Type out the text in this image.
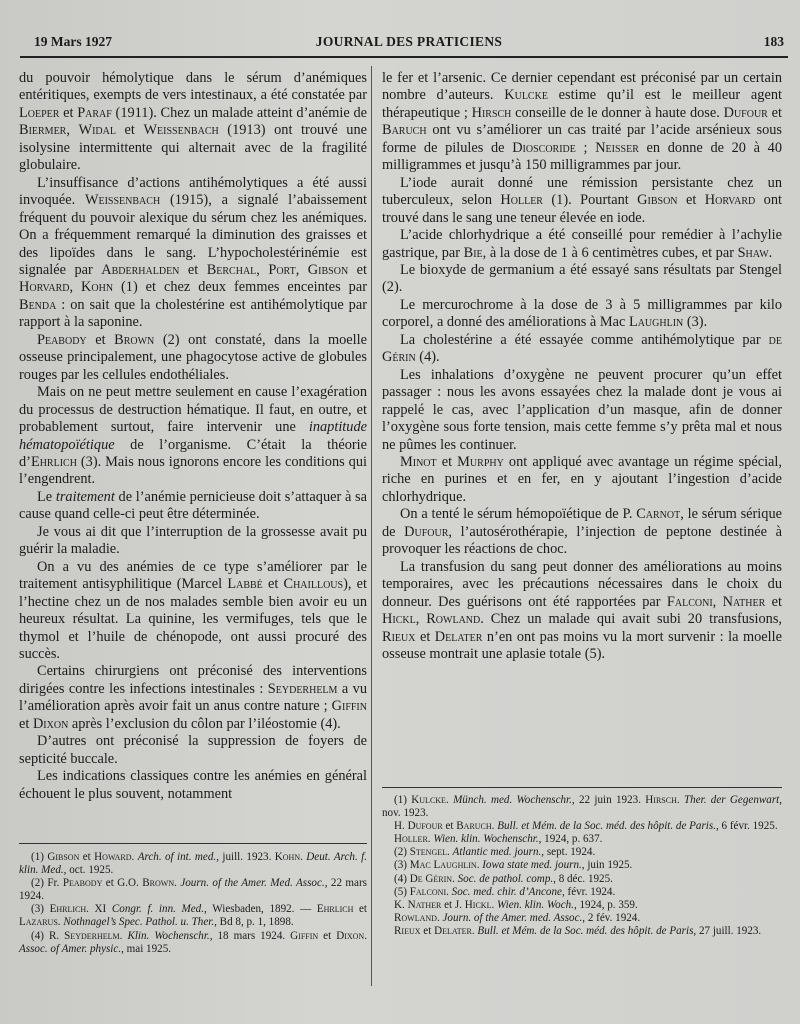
19 Mars 1927	JOURNAL DES PRATICIENS	183

du pouvoir hémolytique dans le sérum d’anémiques entéritiques, exempts de vers intestinaux, a été constatée par Loeper et Paraf (1911). Chez un malade atteint d’anémie de Biermer, Widal et Weissenbach (1913) ont trouvé une isolysine intermittente qui alternait avec de la fragilité globulaire.

L’insuffisance d’actions antihémolytiques a été aussi invoquée. Weissenbach (1915), a signalé l’abaissement fréquent du pouvoir alexique du sérum chez les anémiques. On a fréquemment remarqué la diminution des graisses et des lipoïdes dans le sang. L’hypocholestérinémie est signalée par Abderhalden et Berchal, Port, Gibson et Horvard, Kohn (1) et chez deux femmes enceintes par Benda : on sait que la cholestérine est antihémolytique par rapport à la saponine.

Peabody et Brown (2) ont constaté, dans la moelle osseuse principalement, une phagocytose active de globules rouges par les cellules endothéliales.

Mais on ne peut mettre seulement en cause l’exagération du processus de destruction hématique. Il faut, en outre, et probablement surtout, faire intervenir une inaptitude hématopoïétique de l’organisme. C’était la théorie d’Ehrlich (3). Mais nous ignorons encore les conditions qui l’engendrent.

Le traitement de l’anémie pernicieuse doit s’attaquer à sa cause quand celle-ci peut être déterminée.

Je vous ai dit que l’interruption de la grossesse avait pu guérir la maladie.

On a vu des anémies de ce type s’améliorer par le traitement antisyphilitique (Marcel Labbé et Chaillous), et l’hectine chez un de nos malades semble bien avoir eu un heureux résultat. La quinine, les vermifuges, tels que le thymol et l’huile de chénopode, ont aussi procuré des succès.

Certains chirurgiens ont préconisé des interventions dirigées contre les infections intestinales : Seyderhelm a vu l’amélioration après avoir fait un anus contre nature ; Giffin et Dixon après l’exclusion du côlon par l’iléostomie (4).

D’autres ont préconisé la suppression de foyers de septicité buccale.

Les indications classiques contre les anémies en général échouent le plus souvent, notamment

le fer et l’arsenic. Ce dernier cependant est préconisé par un certain nombre d’auteurs. Kulcke estime qu’il est le meilleur agent thérapeutique ; Hirsch conseille de le donner à haute dose. Dufour et Baruch ont vu s’améliorer un cas traité par l’acide arsénieux sous forme de pilules de Dioscoride ; Neisser en donne de 20 à 40 milligrammes et jusqu’à 150 milligrammes par jour.

L’iode aurait donné une rémission persistante chez un tuberculeux, selon Holler (1). Pourtant Gibson et Horvard ont trouvé dans le sang une teneur élevée en iode.

L’acide chlorhydrique a été conseillé pour remédier à l’achylie gastrique, par Bie, à la dose de 1 à 6 centimètres cubes, et par Shaw.

Le bioxyde de germanium a été essayé sans résultats par Stengel (2).

Le mercurochrome à la dose de 3 à 5 milligrammes par kilo corporel, a donné des améliorations à Mac Laughlin (3).

La cholestérine a été essayée comme antihémolytique par de Gérin (4).

Les inhalations d’oxygène ne peuvent procurer qu’un effet passager : nous les avons essayées chez la malade dont je vous ai rappelé le cas, avec l’application d’un masque, afin de donner l’oxygène sous forte tension, mais cette femme s’y prêta mal et nous ne pûmes les continuer.

Minot et Murphy ont appliqué avec avantage un régime spécial, riche en purines et en fer, en y ajoutant l’ingestion d’acide chlorhydrique.

On a tenté le sérum hémopoïétique de P. Carnot, le sérum sérique de Dufour, l’autosérothérapie, l’injection de peptone destinée à provoquer les réactions de choc.

La transfusion du sang peut donner des améliorations au moins temporaires, avec les précautions nécessaires dans le choix du donneur. Des guérisons ont été rapportées par Falconi, Nather et Hickl, Rowland. Chez un malade qui avait subi 20 transfusions, Rieux et Delater n’en ont pas moins vu la mort survenir : la moelle osseuse montrait une aplasie totale (5).

(1) Gibson et Howard. Arch. of int. med., juill. 1923. Kohn. Deut. Arch. f. klin. Med., oct. 1925.

(2) Fr. Peabody et G.O. Brown. Journ. of the Amer. Med. Assoc., 22 mars 1924.

(3) Ehrlich. XI Congr. f. inn. Med., Wiesbaden, 1892. — Ehrlich et Lazarus. Nothnagel’s Spec. Pathol. u. Ther., Bd 8, p. 1, 1898.

(4) R. Seyderhelm. Klin. Wochenschr., 18 mars 1924. Giffin et Dixon. Assoc. of Amer. physic., mai 1925.

(1) Kulcke. Münch. med. Wochenschr., 22 juin 1923. Hirsch. Ther. der Gegenwart, nov. 1923.

H. Dufour et Baruch. Bull. et Mém. de la Soc. méd. des hôpit. de Paris., 6 févr. 1925.

Holler. Wien. klin. Wochenschr., 1924, p. 637.

(2) Stengel. Atlantic med. journ., sept. 1924.

(3) Mac Laughlin. Iowa state med. journ., juin 1925.

(4) De Gérin. Soc. de pathol. comp., 8 déc. 1925.

(5) Falconi. Soc. med. chir. d’Ancone, févr. 1924.

K. Nather et J. Hickl. Wien. klin. Woch., 1924, p. 359.

Rowland. Journ. of the Amer. med. Assoc., 2 fév. 1924.

Rieux et Delater. Bull. et Mém. de la Soc. méd. des hôpit. de Paris, 27 juill. 1923.
